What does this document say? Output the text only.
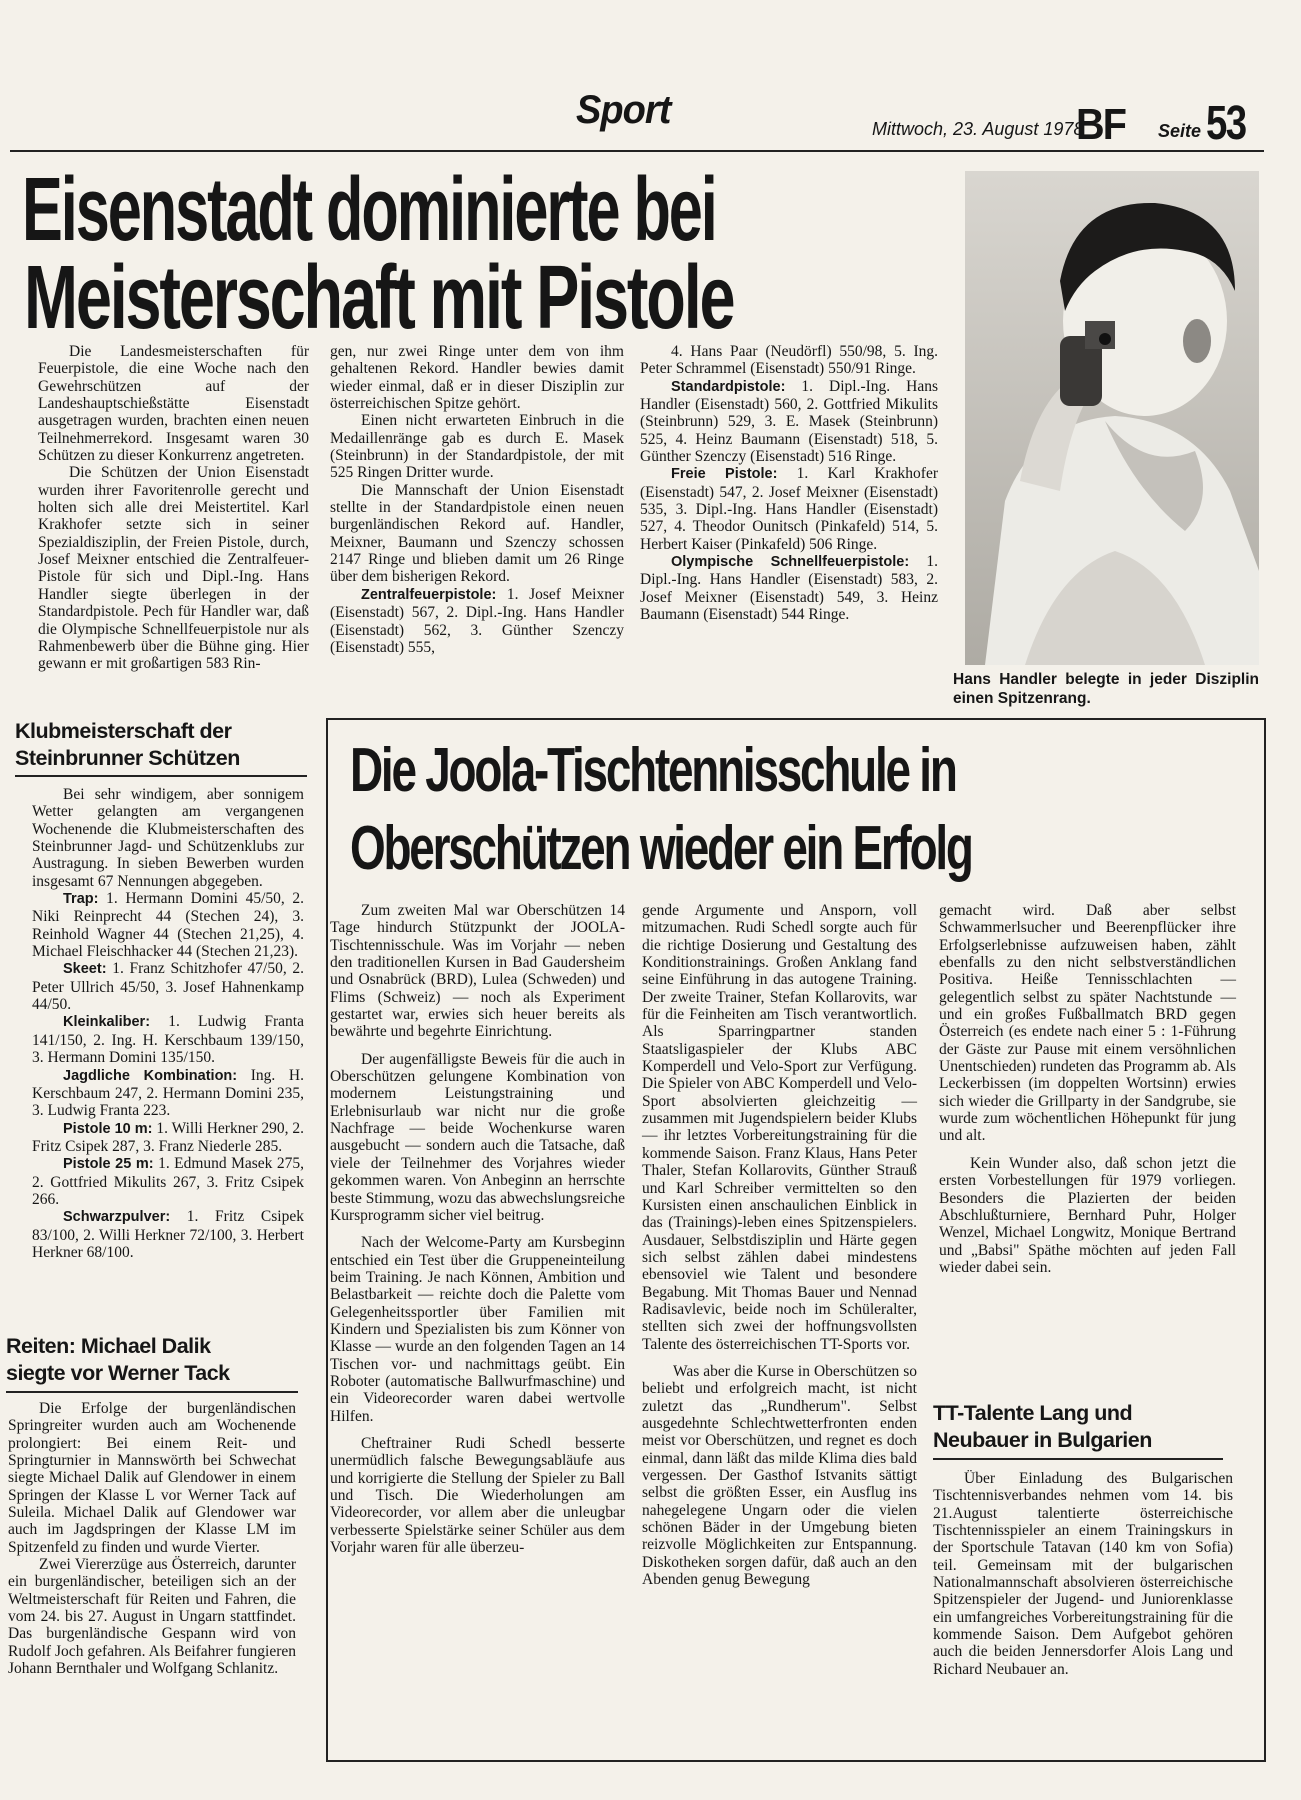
Sport	Mittwoch, 23. August 1978
BF Seite 53
Eisenstadt dominierte bei
Meisterschaft mit Pistole

Die Landesmeisterschaften für Feuerpistole, die eine Woche nach den Gewehrschützen auf der Landeshauptschießstätte Eisenstadt ausgetragen wurden, brachten einen neuen Teilnehmerrekord. Insgesamt waren 30 Schützen zu dieser Konkurrenz angetreten.

Die Schützen der Union Eisenstadt wurden ihrer Favoritenrolle gerecht und holten sich alle drei Meistertitel. Karl Krakhofer setzte sich in seiner Spezialdisziplin, der Freien Pistole, durch, Josef Meixner entschied die Zentralfeuer-Pistole für sich und Dipl.-Ing. Hans Handler siegte überlegen in der Standardpistole. Pech für Handler war, daß die Olympische Schnellfeuerpistole nur als Rahmenbewerb über die Bühne ging. Hier gewann er mit großartigen 583 Rin-

gen, nur zwei Ringe unter dem von ihm gehaltenen Rekord. Handler bewies damit wieder einmal, daß er in dieser Disziplin zur österreichischen Spitze gehört.

Einen nicht erwarteten Einbruch in die Medaillenränge gab es durch E. Masek (Steinbrunn) in der Standardpistole, der mit 525 Ringen Dritter wurde.

Die Mannschaft der Union Eisenstadt stellte in der Standardpistole einen neuen burgenländischen Rekord auf. Handler, Meixner, Baumann und Szenczy schossen 2147 Ringe und blieben damit um 26 Ringe über dem bisherigen Rekord.

Zentralfeuerpistole: 1. Josef Meixner (Eisenstadt) 567, 2. Dipl.-Ing. Hans Handler (Eisenstadt) 562, 3. Günther Szenczy (Eisenstadt) 555,

4. Hans Paar (Neudörfl) 550/98, 5. Ing. Peter Schrammel (Eisenstadt) 550/91 Ringe.

Standardpistole: 1. Dipl.-Ing. Hans Handler (Eisenstadt) 560, 2. Gottfried Mikulits (Steinbrunn) 529, 3. E. Masek (Steinbrunn) 525, 4. Heinz Baumann (Eisenstadt) 518, 5. Günther Szenczy (Eisenstadt) 516 Ringe.

Freie Pistole: 1. Karl Krakhofer (Eisenstadt) 547, 2. Josef Meixner (Eisenstadt) 535, 3. Dipl.-Ing. Hans Handler (Eisenstadt) 527, 4. Theodor Ounitsch (Pinkafeld) 514, 5. Herbert Kaiser (Pinkafeld) 506 Ringe.

Olympische Schnellfeuerpistole: 1. Dipl.-Ing. Hans Handler (Eisenstadt) 583, 2. Josef Meixner (Eisenstadt) 549, 3. Heinz Baumann (Eisenstadt) 544 Ringe.

Hans Handler belegte in jeder Disziplin einen Spitzenrang.
Klubmeisterschaft der
Steinbrunner Schützen

Bei sehr windigem, aber sonnigem Wetter gelangten am vergangenen Wochenende die Klubmeisterschaften des Steinbrunner Jagd- und Schützenklubs zur Austragung. In sieben Bewerben wurden insgesamt 67 Nennungen abgegeben.

Trap: 1. Hermann Domini 45/50, 2. Niki Reinprecht 44 (Stechen 24), 3. Reinhold Wagner 44 (Stechen 21,25), 4. Michael Fleischhacker 44 (Stechen 21,23).

Skeet: 1. Franz Schitzhofer 47/50, 2. Peter Ullrich 45/50, 3. Josef Hahnenkamp 44/50.

Kleinkaliber: 1. Ludwig Franta 141/150, 2. Ing. H. Kerschbaum 139/150, 3. Hermann Domini 135/150.

Jagdliche Kombination: Ing. H. Kerschbaum 247, 2. Hermann Domini 235, 3. Ludwig Franta 223.

Pistole 10 m: 1. Willi Herkner 290, 2. Fritz Csipek 287, 3. Franz Niederle 285.

Pistole 25 m: 1. Edmund Masek 275, 2. Gottfried Mikulits 267, 3. Fritz Csipek 266.

Schwarzpulver: 1. Fritz Csipek 83/100, 2. Willi Herkner 72/100, 3. Herbert Herkner 68/100.

Reiten: Michael Dalik
siegte vor Werner Tack

Die Erfolge der burgenländischen Springreiter wurden auch am Wochenende prolongiert: Bei einem Reit- und Springturnier in Mannswörth bei Schwechat siegte Michael Dalik auf Glendower in einem Springen der Klasse L vor Werner Tack auf Suleila. Michael Dalik auf Glendower war auch im Jagdspringen der Klasse LM im Spitzenfeld zu finden und wurde Vierter.

Zwei Viererzüge aus Österreich, darunter ein burgenländischer, beteiligen sich an der Weltmeisterschaft für Reiten und Fahren, die vom 24. bis 27. August in Ungarn stattfindet. Das burgenländische Gespann wird von Rudolf Joch gefahren. Als Beifahrer fungieren Johann Bernthaler und Wolfgang Schlanitz.

Die Joola-Tischtennisschule in
Oberschützen wieder ein Erfolg

Zum zweiten Mal war Oberschützen 14 Tage hindurch Stützpunkt der JOOLA-Tischtennisschule. Was im Vorjahr — neben den traditionellen Kursen in Bad Gaudersheim und Osnabrück (BRD), Lulea (Schweden) und Flims (Schweiz) — noch als Experiment gestartet war, erwies sich heuer bereits als bewährte und begehrte Einrichtung.

Der augenfälligste Beweis für die auch in Oberschützen gelungene Kombination von modernem Leistungstraining und Erlebnisurlaub war nicht nur die große Nachfrage — beide Wochenkurse waren ausgebucht — sondern auch die Tatsache, daß viele der Teilnehmer des Vorjahres wieder gekommen waren. Von Anbeginn an herrschte beste Stimmung, wozu das abwechslungsreiche Kursprogramm sicher viel beitrug.

Nach der Welcome-Party am Kursbeginn entschied ein Test über die Gruppeneinteilung beim Training. Je nach Können, Ambition und Belastbarkeit — reichte doch die Palette vom Gelegenheitssportler über Familien mit Kindern und Spezialisten bis zum Könner von Klasse — wurde an den folgenden Tagen an 14 Tischen vor- und nachmittags geübt. Ein Roboter (automatische Ballwurfmaschine) und ein Videorecorder waren dabei wertvolle Hilfen.

Cheftrainer Rudi Schedl besserte unermüdlich falsche Bewegungsabläufe aus und korrigierte die Stellung der Spieler zu Ball und Tisch. Die Wiederholungen am Videorecorder, vor allem aber die unleugbar verbesserte Spielstärke seiner Schüler aus dem Vorjahr waren für alle überzeu-

gende Argumente und Ansporn, voll mitzumachen. Rudi Schedl sorgte auch für die richtige Dosierung und Gestaltung des Konditionstrainings. Großen Anklang fand seine Einführung in das autogene Training. Der zweite Trainer, Stefan Kollarovits, war für die Feinheiten am Tisch verantwortlich. Als Sparringpartner standen Staatsligaspieler der Klubs ABC Komperdell und Velo-Sport zur Verfügung. Die Spieler von ABC Komperdell und Velo-Sport absolvierten gleichzeitig — zusammen mit Jugendspielern beider Klubs — ihr letztes Vorbereitungstraining für die kommende Saison. Franz Klaus, Hans Peter Thaler, Stefan Kollarovits, Günther Strauß und Karl Schreiber vermittelten so den Kursisten einen anschaulichen Einblick in das (Trainings)-leben eines Spitzenspielers. Ausdauer, Selbstdisziplin und Härte gegen sich selbst zählen dabei mindestens ebensoviel wie Talent und besondere Begabung. Mit Thomas Bauer und Nennad Radisavlevic, beide noch im Schüleralter, stellten sich zwei der hoffnungsvollsten Talente des österreichischen TT-Sports vor.

Was aber die Kurse in Oberschützen so beliebt und erfolgreich macht, ist nicht zuletzt das „Rundherum". Selbst ausgedehnte Schlechtwetterfronten enden meist vor Oberschützen, und regnet es doch einmal, dann läßt das milde Klima dies bald vergessen. Der Gasthof Istvanits sättigt selbst die größten Esser, ein Ausflug ins nahegelegene Ungarn oder die vielen schönen Bäder in der Umgebung bieten reizvolle Möglichkeiten zur Entspannung. Diskotheken sorgen dafür, daß auch an den Abenden genug Bewegung

gemacht wird. Daß aber selbst Schwammerlsucher und Beerenpflücker ihre Erfolgserlebnisse aufzuweisen haben, zählt ebenfalls zu den nicht selbstverständlichen Positiva. Heiße Tennisschlachten — gelegentlich selbst zu später Nachtstunde — und ein großes Fußballmatch BRD gegen Österreich (es endete nach einer 5 : 1-Führung der Gäste zur Pause mit einem versöhnlichen Unentschieden) rundeten das Programm ab. Als Leckerbissen (im doppelten Wortsinn) erwies sich wieder die Grillparty in der Sandgrube, sie wurde zum wöchentlichen Höhepunkt für jung und alt.

Kein Wunder also, daß schon jetzt die ersten Vorbestellungen für 1979 vorliegen. Besonders die Plazierten der beiden Abschlußturniere, Bernhard Puhr, Holger Wenzel, Michael Longwitz, Monique Bertrand und „Babsi" Späthe möchten auf jeden Fall wieder dabei sein.

TT-Talente Lang und
Neubauer in Bulgarien

Über Einladung des Bulgarischen Tischtennisverbandes nehmen vom 14. bis 21.August talentierte österreichische Tischtennisspieler an einem Trainingskurs in der Sportschule Tatavan (140 km von Sofia) teil. Gemeinsam mit der bulgarischen Nationalmannschaft absolvieren österreichische Spitzenspieler der Jugend- und Juniorenklasse ein umfangreiches Vorbereitungstraining für die kommende Saison. Dem Aufgebot gehören auch die beiden Jennersdorfer Alois Lang und Richard Neubauer an.
